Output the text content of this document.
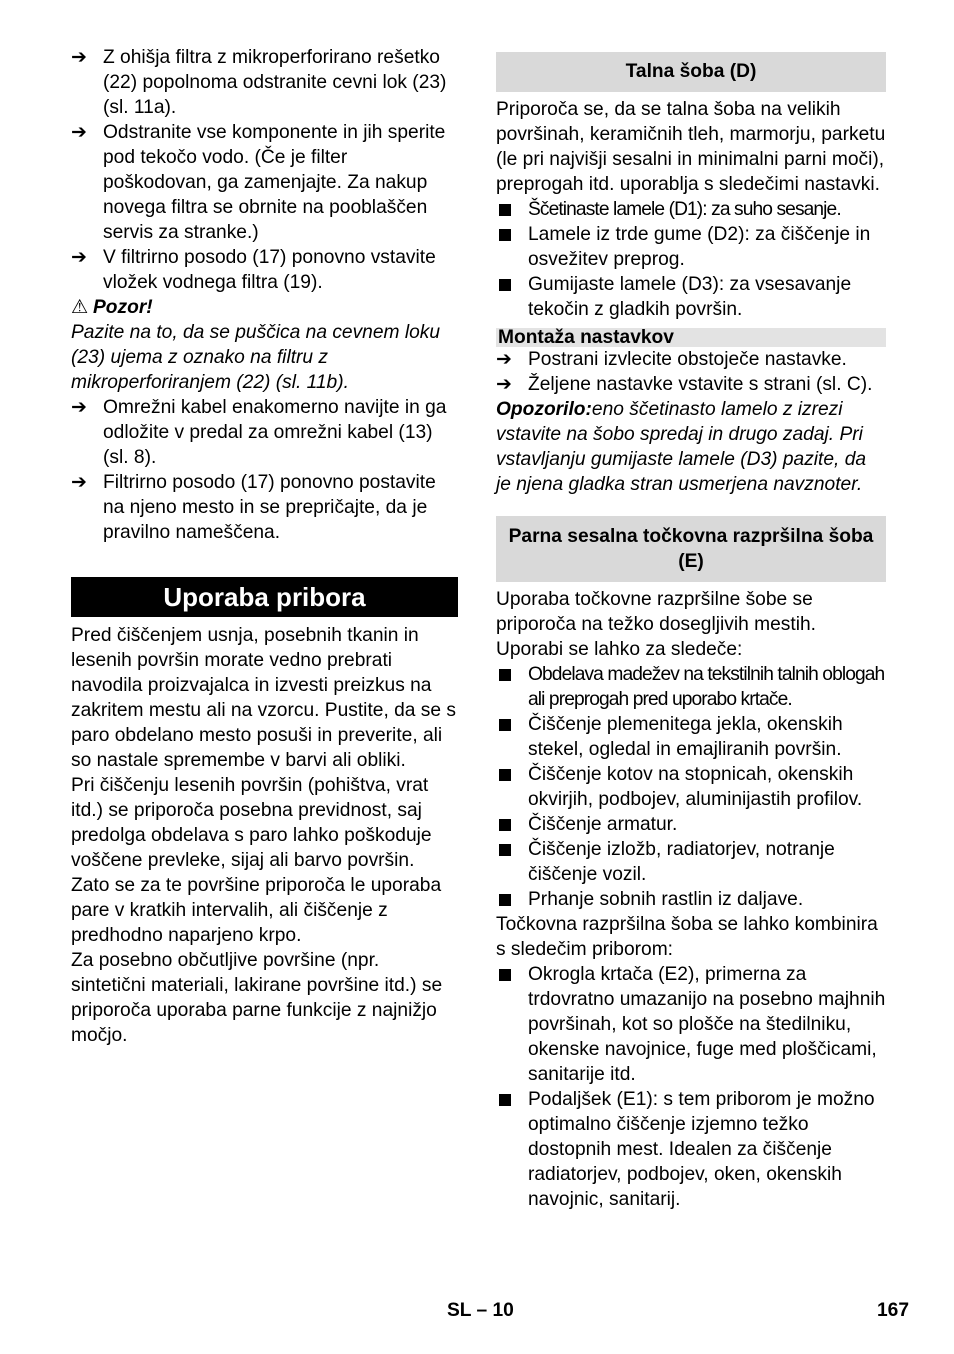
➔ Z ohišja filtra z mikroperforirano rešetko (22) popolnoma odstranite cevni lok (23) (sl. 11a).
➔ Odstranite vse komponente in jih sperite pod tekočo vodo. (Če je filter poškodovan, ga zamenjajte. Za nakup novega filtra se obrnite na pooblaščen servis za stranke.)
➔ V filtrirno posodo (17) ponovno vstavite vložek vodnega filtra (19).

⚠ Pozor!

Pazite na to, da se puščica na cevnem loku (23) ujema z oznako na filtru z mikroperforiranjem (22) (sl. 11b).

➔ Omrežni kabel enakomerno navijte in ga odložite v predal za omrežni kabel (13) (sl. 8).
➔ Filtrirno posodo (17) ponovno postavite na njeno mesto in se prepričajte, da je pravilno nameščena.
Uporaba pribora

Pred čiščenjem usnja, posebnih tkanin in lesenih površin morate vedno prebrati navodila proizvajalca in izvesti preizkus na zakritem mestu ali na vzorcu. Pustite, da se s paro obdelano mesto posuši in preverite, ali so nastale spremembe v barvi ali obliki.

Pri čiščenju lesenih površin (pohištva, vrat itd.) se priporoča posebna previdnost, saj predolga obdelava s paro lahko poškoduje voščene prevleke, sijaj ali barvo površin. Zato se za te površine priporoča le uporaba pare v kratkih intervalih, ali čiščenje z predhodno naparjeno krpo.

Za posebno občutljive površine (npr. sintetični materiali, lakirane površine itd.) se priporoča uporaba parne funkcije z najnižjo močjo.

Talna šoba (D)

Priporoča se, da se talna šoba na velikih površinah, keramičnih tleh, marmorju, parketu (le pri najvišji sesalni in minimalni parni moči), preprogah itd. uporablja s sledečimi nastavki.

Ščetinaste lamele (D1): za suho sesanje.
Lamele iz trde gume (D2): za čiščenje in osvežitev preprog.
Gumijaste lamele (D3): za vsesavanje tekočin z gladkih površin.
Montaža nastavkov
➔ Postrani izvlecite obstoječe nastavke.
➔ Željene nastavke vstavite s strani (sl. C).

Opozorilo:eno ščetinasto lamelo z izrezi vstavite na šobo spredaj in drugo zadaj. Pri vstavljanju gumijaste lamele (D3) pazite, da je njena gladka stran usmerjena navznoter.

Parna sesalna točkovna razpršilna šoba (E)

Uporaba točkovne razpršilne šobe se priporoča na težko dosegljivih mestih.

Uporabi se lahko za sledeče:

Obdelava madežev na tekstilnih talnih oblogah ali preprogah pred uporabo krtače.
Čiščenje plemenitega jekla, okenskih stekel, ogledal in emajliranih površin.
Čiščenje kotov na stopnicah, okenskih okvirjih, podbojev, aluminijastih profilov.
Čiščenje armatur.
Čiščenje izložb, radiatorjev, notranje čiščenje vozil.
Prhanje sobnih rastlin iz daljave.

Točkovna razpršilna šoba se lahko kombinira s sledečim priborom:

Okrogla krtača (E2), primerna za trdovratno umazanijo na posebno majhnih površinah, kot so plošče na štedilniku, okenske navojnice, fuge med ploščicami, sanitarije itd.
Podaljšek (E1): s tem priborom je možno optimalno čiščenje izjemno težko dostopnih mest. Idealen za čiščenje radiatorjev, podbojev, oken, okenskih navojnic, sanitarij.
SL – 10	167
